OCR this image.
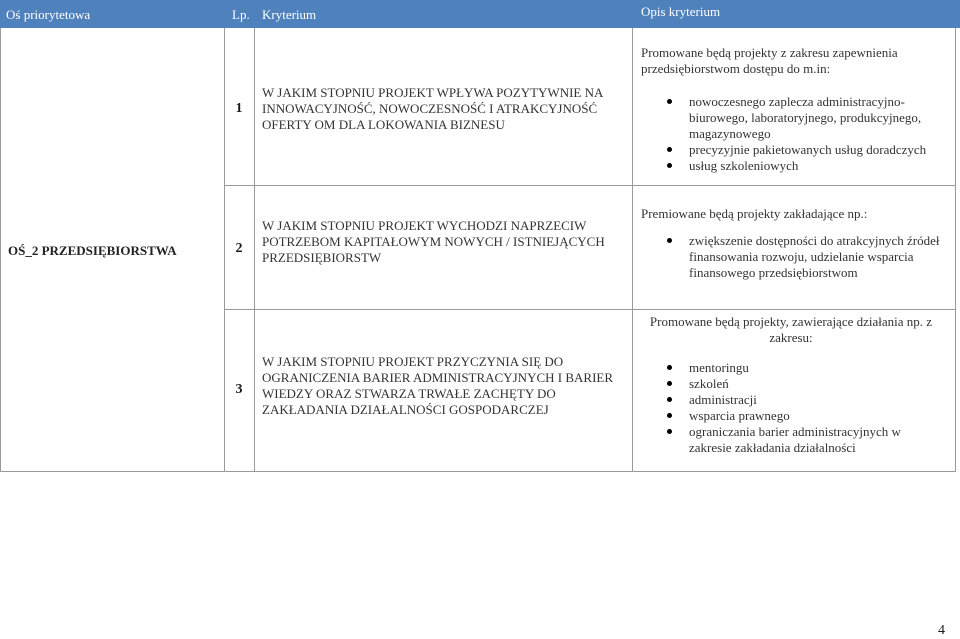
Oś priorytetowa	Lp. Kryterium	Opis kryterium
OŚ_2 PRZEDSIĘBIORSTWA
1
W JAKIM STOPNIU PROJEKT WPŁYWA POZYTYWNIE NA INNOWACYJNOŚĆ, NOWOCZESNOŚĆ I ATRAKCYJNOŚĆ OFERTY OM DLA LOKOWANIA BIZNESU
Promowane będą projekty z zakresu zapewnienia przedsiębiorstwom dostępu do m.in:
nowoczesnego zaplecza administracyjno-biurowego, laboratoryjnego, produkcyjnego, magazynowego
precyzyjnie pakietowanych usług doradczych
usług szkoleniowych
2
W JAKIM STOPNIU PROJEKT WYCHODZI NAPRZECIW POTRZEBOM KAPITAŁOWYM NOWYCH / ISTNIEJĄCYCH PRZEDSIĘBIORSTW
Premiowane będą projekty zakładające np.:
zwiększenie dostępności do atrakcyjnych źródeł finansowania rozwoju, udzielanie wsparcia finansowego przedsiębiorstwom
3
W JAKIM STOPNIU PROJEKT PRZYCZYNIA SIĘ DO OGRANICZENIA BARIER ADMINISTRACYJNYCH I BARIER WIEDZY ORAZ STWARZA TRWAŁE ZACHĘTY DO ZAKŁADANIA DZIAŁALNOŚCI GOSPODARCZEJ
Promowane będą projekty, zawierające działania np. z zakresu:
mentoringu
szkoleń
administracji
wsparcia prawnego
ograniczania barier administracyjnych w zakresie zakładania działalności
4
